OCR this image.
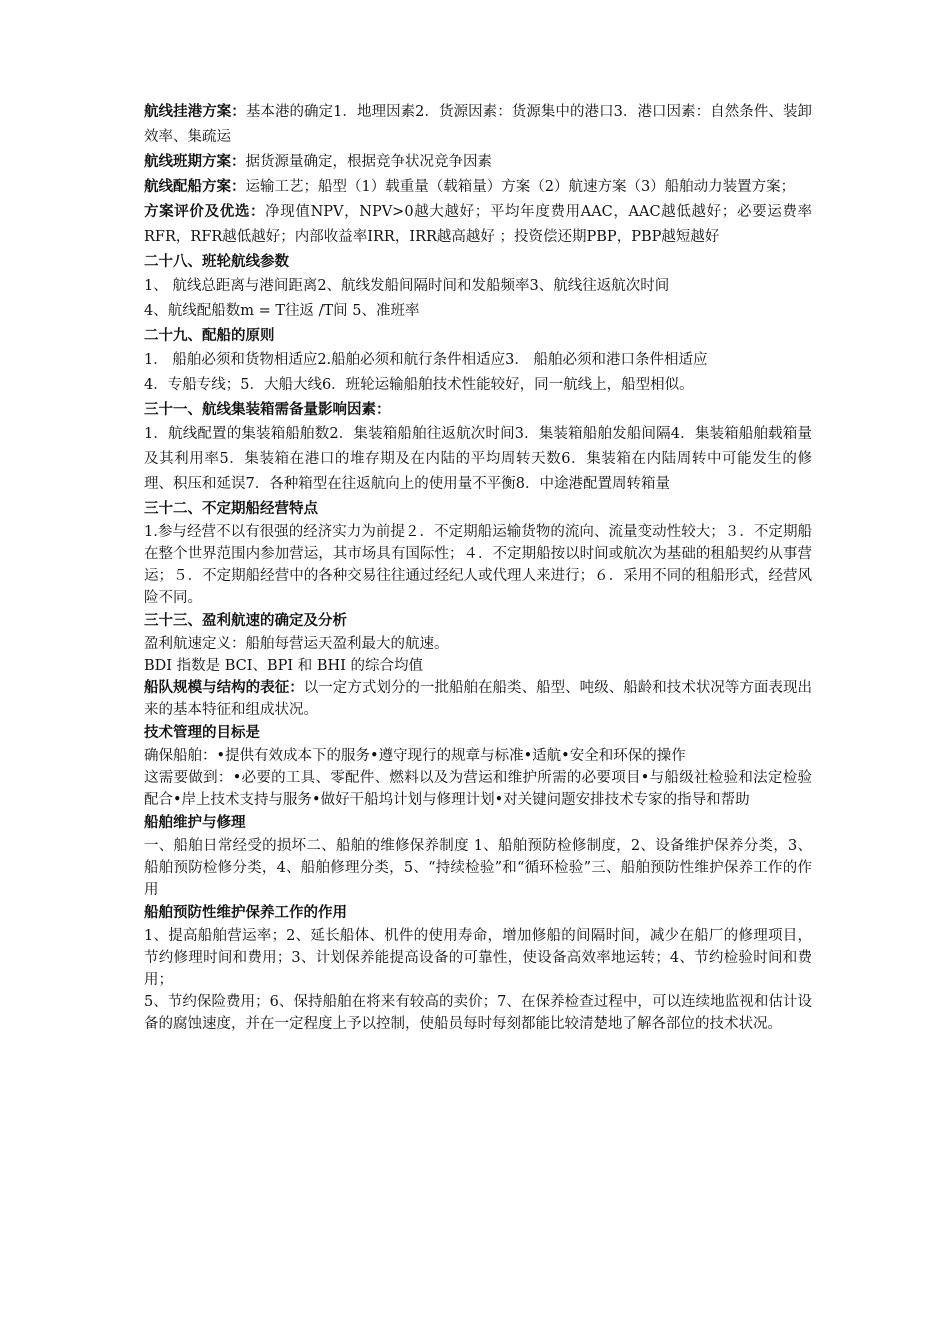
航线挂港方案：基本港的确定1．地理因素2．货源因素：货源集中的港口3．港口因素：自然条件、装卸效率、集疏运

航线班期方案：据货源量确定，根据竞争状况竞争因素

航线配船方案：运输工艺；船型（1）载重量（载箱量）方案（2）航速方案（3）船舶动力装置方案；

方案评价及优选：净现值NPV，NPV>0越大越好；平均年度费用AAC，AAC越低越好；必要运费率RFR，RFR越低越好；内部收益率IRR，IRR越高越好 ；投资偿还期PBP，PBP越短越好

二十八、班轮航线参数

1、 航线总距离与港间距离2、航线发船间隔时间和发船频率3、航线往返航次时间

4、航线配船数m = T往返 /T间 5、准班率

二十九、配船的原则

1． 船舶必须和货物相适应2.船舶必须和航行条件相适应3． 船舶必须和港口条件相适应

4．专船专线；5．大船大线6．班轮运输船舶技术性能较好，同一航线上，船型相似。

三十一、航线集装箱需备量影响因素：

1．航线配置的集装箱船舶数2．集装箱船舶往返航次时间3．集装箱船舶发船间隔4．集装箱船舶载箱量及其利用率5．集装箱在港口的堆存期及在内陆的平均周转天数6．集装箱在内陆周转中可能发生的修理、积压和延误7．各种箱型在往返航向上的使用量不平衡8．中途港配置周转箱量

三十二、不定期船经营特点

1.参与经营不以有很强的经济实力为前提２．不定期船运输货物的流向、流量变动性较大；３．不定期船在整个世界范围内参加营运，其市场具有国际性；４．不定期船按以时间或航次为基础的租船契约从事营运；５．不定期船经营中的各种交易往往通过经纪人或代理人来进行；６．采用不同的租船形式，经营风险不同。

三十三、盈利航速的确定及分析

盈利航速定义：船舶每营运天盈利最大的航速。

BDI 指数是 BCI、BPI 和 BHI 的综合均值

船队规模与结构的表征：以一定方式划分的一批船舶在船类、船型、吨级、船龄和技术状况等方面表现出来的基本特征和组成状况。

技术管理的目标是

确保船舶：•提供有效成本下的服务•遵守现行的规章与标准•适航•安全和环保的操作

这需要做到：•必要的工具、零配件、燃料以及为营运和维护所需的必要项目•与船级社检验和法定检验配合•岸上技术支持与服务•做好干船坞计划与修理计划•对关键问题安排技术专家的指导和帮助

船舶维护与修理

一、船舶日常经受的损坏二、船舶的维修保养制度 1、船舶预防检修制度，2、设备维护保养分类，3、船舶预防检修分类，4、船舶修理分类，5、“持续检验”和“循环检验”三、船舶预防性维护保养工作的作用

船舶预防性维护保养工作的作用

1、提高船舶营运率；2、延长船体、机件的使用寿命，增加修船的间隔时间，减少在船厂的修理项目，节约修理时间和费用；3、计划保养能提高设备的可靠性，使设备高效率地运转；4、节约检验时间和费用；

5、节约保险费用；6、保持船舶在将来有较高的卖价；7、在保养检查过程中，可以连续地监视和估计设备的腐蚀速度，并在一定程度上予以控制，使船员每时每刻都能比较清楚地了解各部位的技术状况。
